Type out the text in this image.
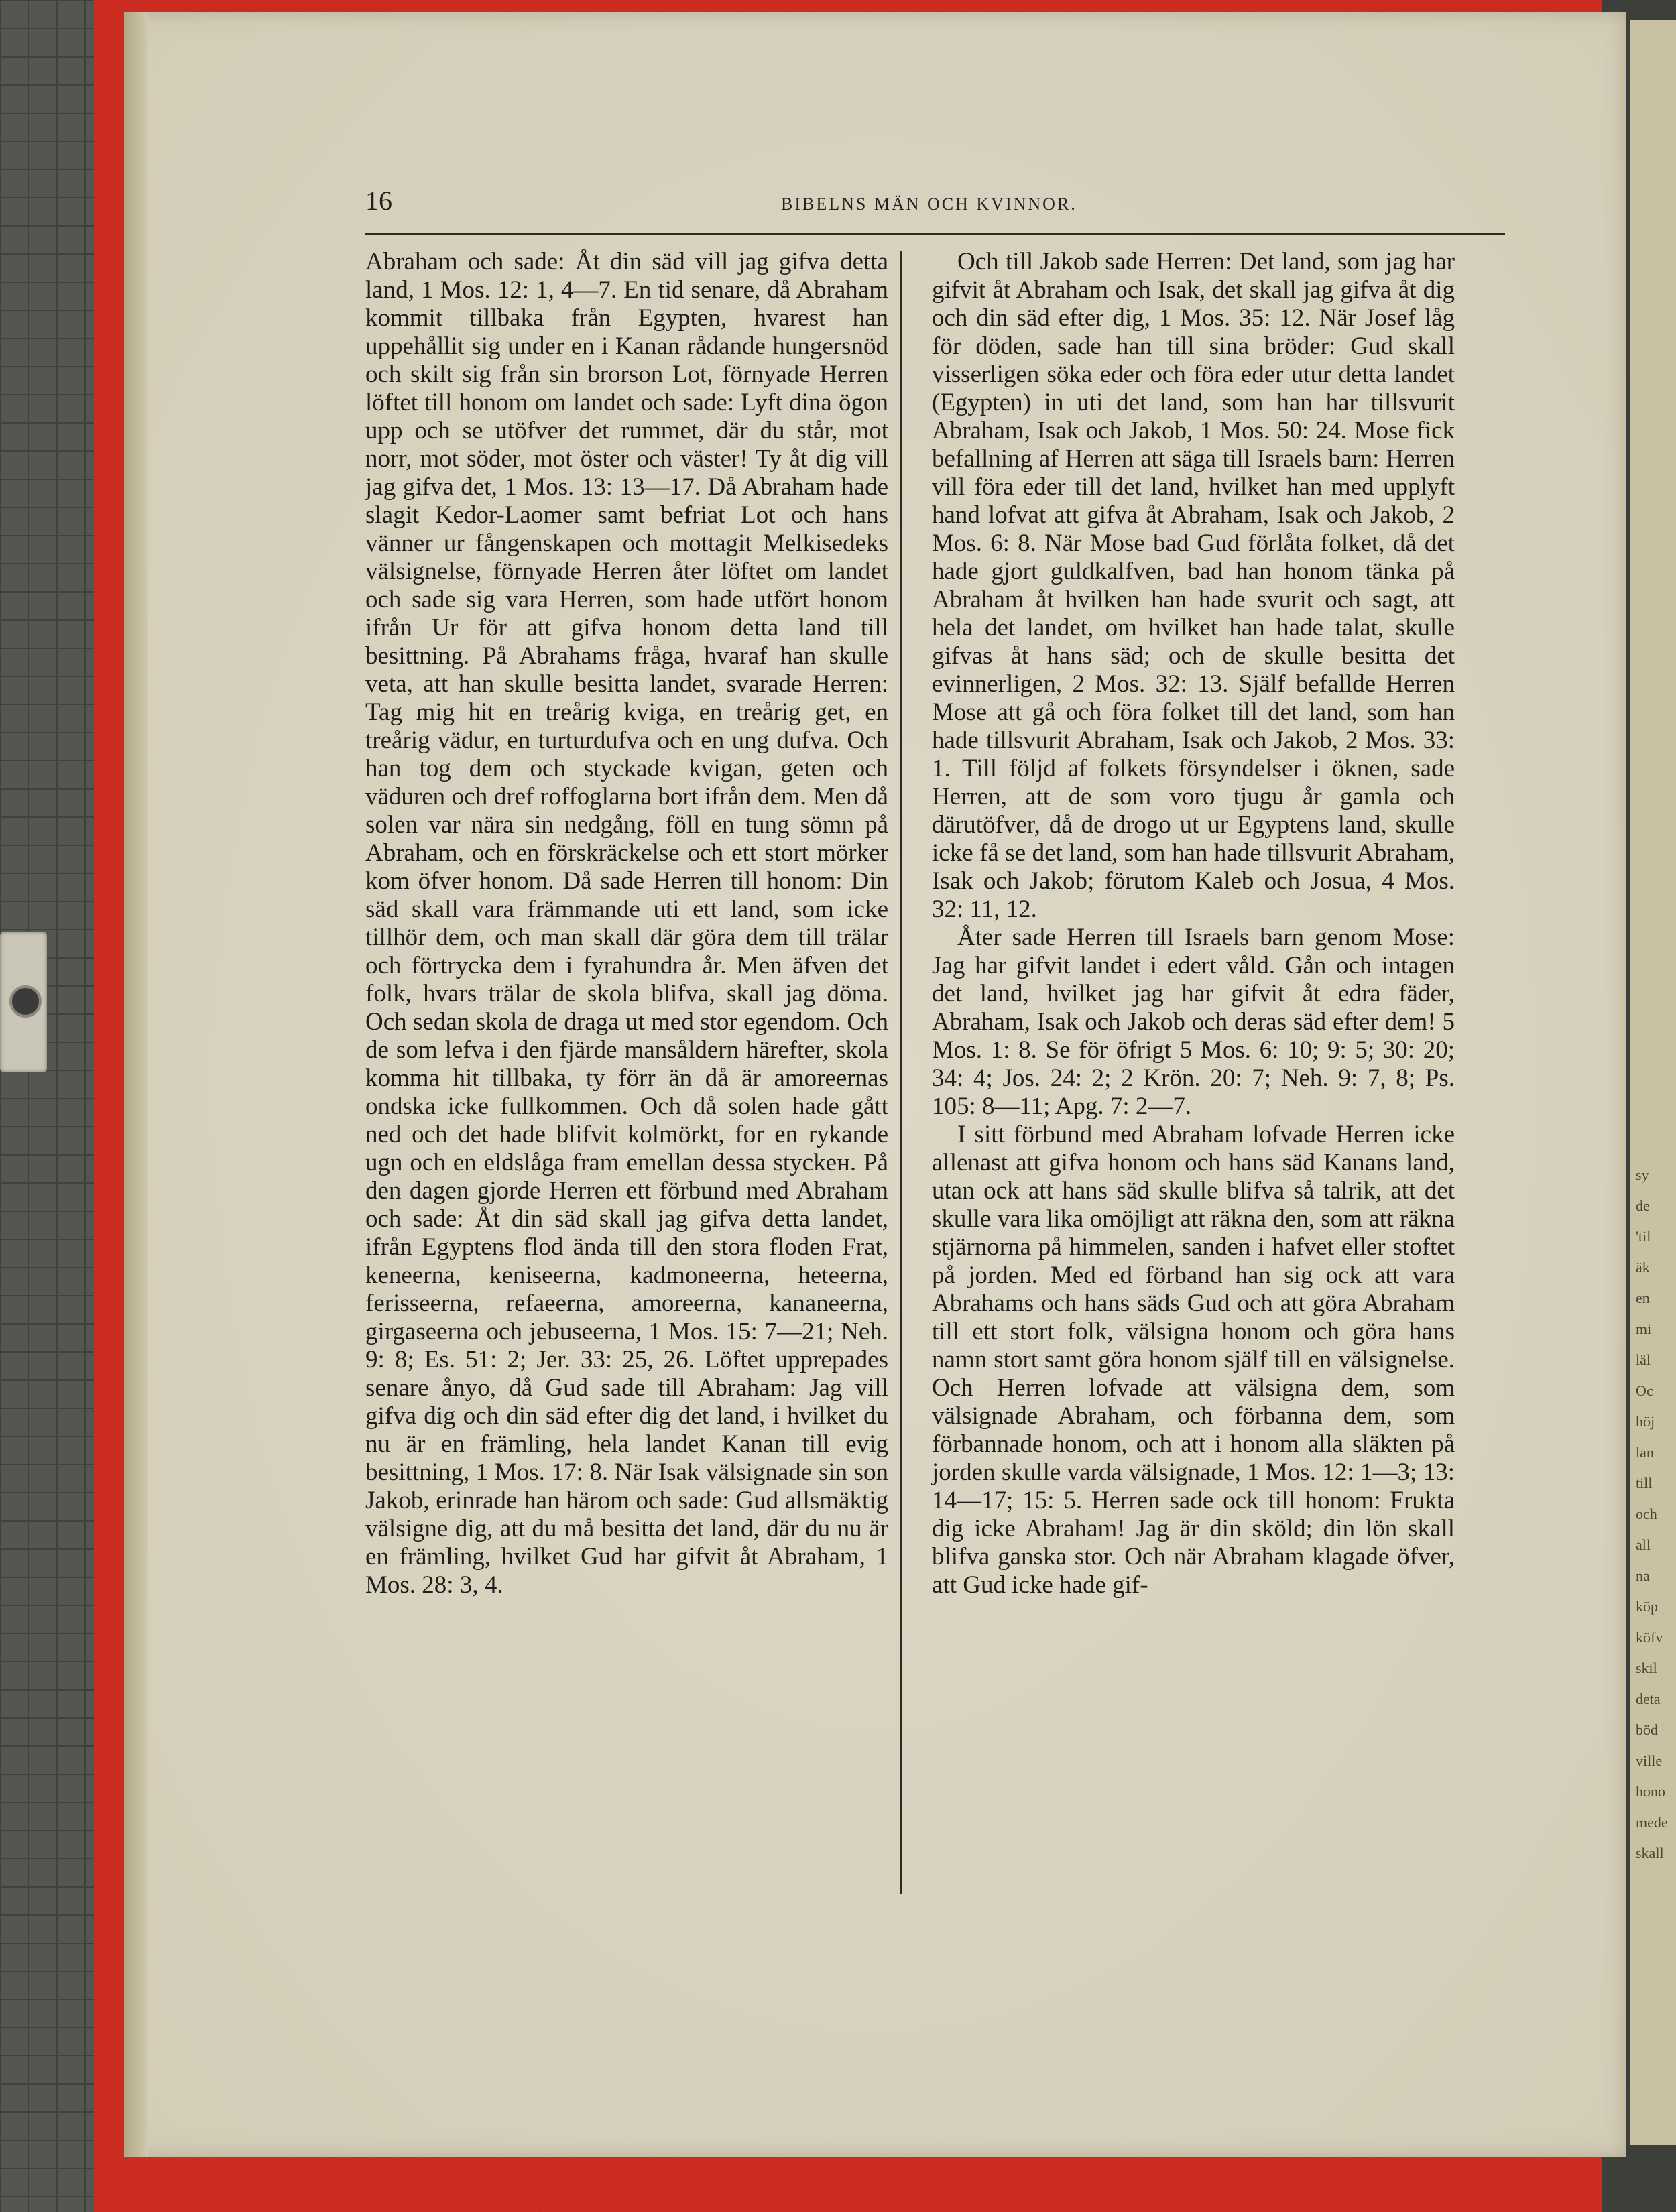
sy
de
'til
äk
en
mi
läl
Oc
höj
lan
till
och
all
na
köp
köfv
skil
deta
böd
ville
hono
mede
skall
16	BIBELNS MÄN OCH KVINNOR.

Abraham och sade: Åt din säd vill jag gifva detta land, 1 Mos. 12: 1, 4—7. En tid senare, då Abraham kommit tillbaka från Egypten, hvarest han uppehållit sig under en i Kanan rådande hungersnöd och skilt sig från sin brorson Lot, förnyade Herren löftet till honom om landet och sade: Lyft dina ögon upp och se utöfver det rummet, där du står, mot norr, mot söder, mot öster och väster! Ty åt dig vill jag gifva det, 1 Mos. 13: 13—17. Då Abraham hade slagit Kedor-Laomer samt befriat Lot och hans vänner ur fångenskapen och mottagit Melkisedeks välsignelse, förnyade Herren åter löftet om landet och sade sig vara Herren, som hade utfört honom ifrån Ur för att gifva honom detta land till besittning. På Abrahams fråga, hvaraf han skulle veta, att han skulle besitta landet, svarade Herren: Tag mig hit en treårig kviga, en treårig get, en treårig vädur, en turturdufva och en ung dufva. Och han tog dem och styckade kvigan, geten och väduren och dref roffoglarna bort ifrån dem. Men då solen var nära sin nedgång, föll en tung sömn på Abraham, och en förskräckelse och ett stort mörker kom öfver honom. Då sade Herren till honom: Din säd skall vara främmande uti ett land, som icke tillhör dem, och man skall där göra dem till trälar och förtrycka dem i fyrahundra år. Men äfven det folk, hvars trälar de skola blifva, skall jag döma. Och sedan skola de draga ut med stor egendom. Och de som lefva i den fjärde mansåldern härefter, skola komma hit tillbaka, ty förr än då är amoreernas ondska icke fullkommen. Och då solen hade gått ned och det hade blifvit kolmörkt, for en rykande ugn och en eldslåga fram emellan dessa styckeн. På den dagen gjorde Herren ett förbund med Abraham och sade: Åt din säd skall jag gifva detta landet, ifrån Egyptens flod ända till den stora floden Frat, keneerna, keniseerna, kadmoneerna, heteerna, ferisseerna, refaeerna, amoreerna, kananeerna, girgaseerna och jebuseerna, 1 Mos. 15: 7—21; Neh. 9: 8; Es. 51: 2; Jer. 33: 25, 26. Löftet upprepades senare ånyo, då Gud sade till Abraham: Jag vill gifva dig och din säd efter dig det land, i hvilket du nu är en främling, hela landet Kanan till evig besittning, 1 Mos. 17: 8. När Isak välsignade sin son Jakob, erinrade han härom och sade: Gud allsmäktig välsigne dig, att du må besitta det land, där du nu är en främling, hvilket Gud har gifvit åt Abraham, 1 Mos. 28: 3, 4.

Och till Jakob sade Herren: Det land, som jag har gifvit åt Abraham och Isak, det skall jag gifva åt dig och din säd efter dig, 1 Mos. 35: 12. När Josef låg för döden, sade han till sina bröder: Gud skall visserligen söka eder och föra eder utur detta landet (Egypten) in uti det land, som han har tillsvurit Abraham, Isak och Jakob, 1 Mos. 50: 24. Mose fick befallning af Herren att säga till Israels barn: Herren vill föra eder till det land, hvilket han med upplyft hand lofvat att gifva åt Abraham, Isak och Jakob, 2 Mos. 6: 8. När Mose bad Gud förlåta folket, då det hade gjort guldkalfven, bad han honom tänka på Abraham åt hvilken han hade svurit och sagt, att hela det landet, om hvilket han hade talat, skulle gifvas åt hans säd; och de skulle besitta det evinnerligen, 2 Mos. 32: 13. Själf befallde Herren Mose att gå och föra folket till det land, som han hade tillsvurit Abraham, Isak och Jakob, 2 Mos. 33: 1. Till följd af folkets försyndelser i öknen, sade Herren, att de som voro tjugu år gamla och därutöfver, då de drogo ut ur Egyptens land, skulle icke få se det land, som han hade tillsvurit Abraham, Isak och Jakob; förutom Kaleb och Josua, 4 Mos. 32: 11, 12.

Åter sade Herren till Israels barn genom Mose: Jag har gifvit landet i edert våld. Gån och intagen det land, hvilket jag har gifvit åt edra fäder, Abraham, Isak och Jakob och deras säd efter dem! 5 Mos. 1: 8. Se för öfrigt 5 Mos. 6: 10; 9: 5; 30: 20; 34: 4; Jos. 24: 2; 2 Krön. 20: 7; Neh. 9: 7, 8; Ps. 105: 8—11; Apg. 7: 2—7.

I sitt förbund med Abraham lofvade Herren icke allenast att gifva honom och hans säd Kanans land, utan ock att hans säd skulle blifva så talrik, att det skulle vara lika omöjligt att räkna den, som att räkna stjärnorna på himmelen, sanden i hafvet eller stoftet på jorden. Med ed förband han sig ock att vara Abrahams och hans säds Gud och att göra Abraham till ett stort folk, välsigna honom och göra hans namn stort samt göra honom själf till en välsignelse. Och Herren lofvade att välsigna dem, som välsignade Abraham, och förbanna dem, som förbannade honom, och att i honom alla släkten på jorden skulle varda välsignade, 1 Mos. 12: 1—3; 13: 14—17; 15: 5. Herren sade ock till honom: Frukta dig icke Abraham! Jag är din sköld; din lön skall blifva ganska stor. Och när Abraham klagade öfver, att Gud icke hade gif-
